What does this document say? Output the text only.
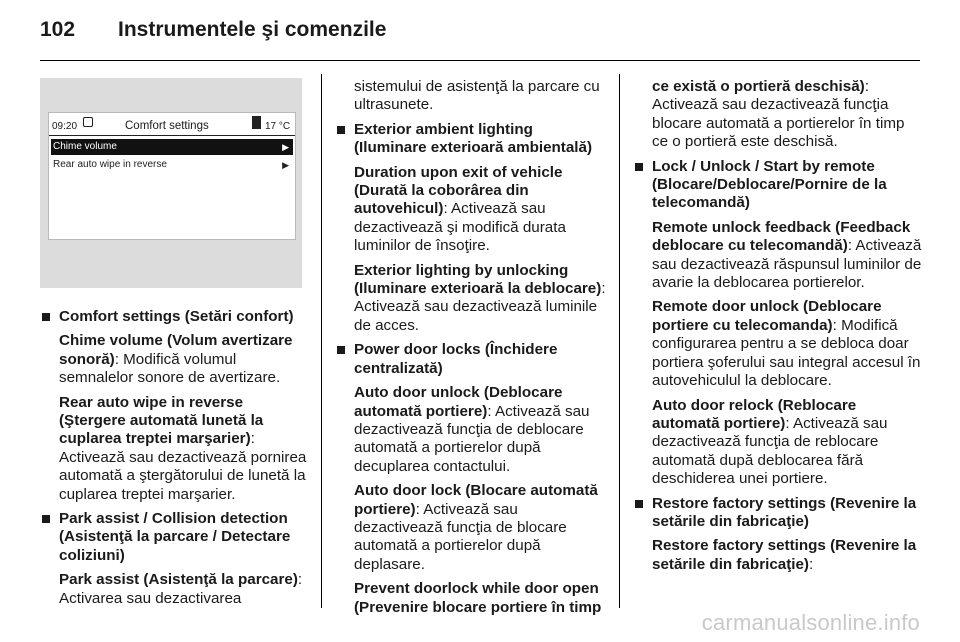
102 Instrumentele şi comenzile
09:20	Comfort settings	17 °C
Chime volume	▶
Rear auto wipe in reverse	▶
Comfort settings (Setări confort)

Chime volume (Volum avertizare sonoră): Modifică volumul semnalelor sonore de avertizare.

Rear auto wipe in reverse (Ştergere automată lunetă la cuplarea treptei marşarier): Activează sau dezactivează pornirea automată a ştergătorului de lunetă la cuplarea treptei marşarier.

Park assist / Collision detection (Asistenţă la parcare / Detectare coliziuni)

Park assist (Asistenţă la parcare): Activarea sau dezactivarea

sistemului de asistenţă la parcare cu ultrasunete.

Exterior ambient lighting (Iluminare exterioară ambientală)

Duration upon exit of vehicle (Durată la coborârea din autovehicul): Activează sau dezactivează şi modifică durata luminilor de însoţire.

Exterior lighting by unlocking (Iluminare exterioară la deblocare): Activează sau dezactivează luminile de acces.

Power door locks (Închidere centralizată)

Auto door unlock (Deblocare automată portiere): Activează sau dezactivează funcţia de deblocare automată a portierelor după decuplarea contactului.

Auto door lock (Blocare automată portiere): Activează sau dezactivează funcţia de blocare automată a portierelor după deplasare.

Prevent doorlock while door open (Prevenire blocare portiere în timp

ce există o portieră deschisă): Activează sau dezactivează funcţia blocare automată a portierelor în timp ce o portieră este deschisă.

Lock / Unlock / Start by remote (Blocare/Deblocare/Pornire de la telecomandă)

Remote unlock feedback (Feedback deblocare cu telecomandă): Activează sau dezactivează răspunsul luminilor de avarie la deblocarea portierelor.

Remote door unlock (Deblocare portiere cu telecomanda): Modifică configurarea pentru a se debloca doar portiera şoferului sau integral accesul în autovehiculul la deblocare.

Auto door relock (Reblocare automată portiere): Activează sau dezactivează funcţia de reblocare automată după deblocarea fără deschiderea unei portiere.

Restore factory settings (Revenire la setările din fabricaţie)

Restore factory settings (Revenire la setările din fabricaţie):

carmanualsonline.info
